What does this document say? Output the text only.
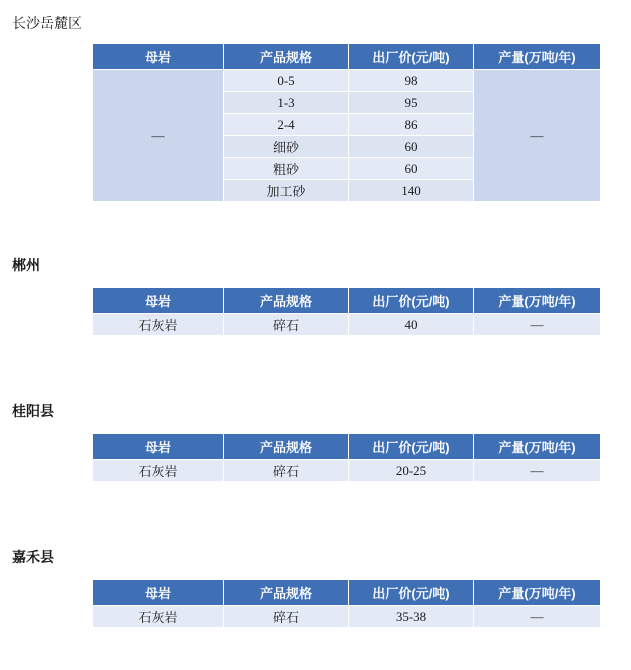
长沙岳麓区
母岩	产品规格	出厂价(元/吨)	产量(万吨/年)
—	0-5	98	—
	1-3	95	
	2-4	86	
	细砂	60	
	粗砂	60	
	加工砂	140	
郴州
母岩	产品规格	出厂价(元/吨)	产量(万吨/年)
石灰岩	碎石	40	—
桂阳县
母岩	产品规格	出厂价(元/吨)	产量(万吨/年)
石灰岩	碎石	20-25	—
嘉禾县
母岩	产品规格	出厂价(元/吨)	产量(万吨/年)
石灰岩	碎石	35-38	—
